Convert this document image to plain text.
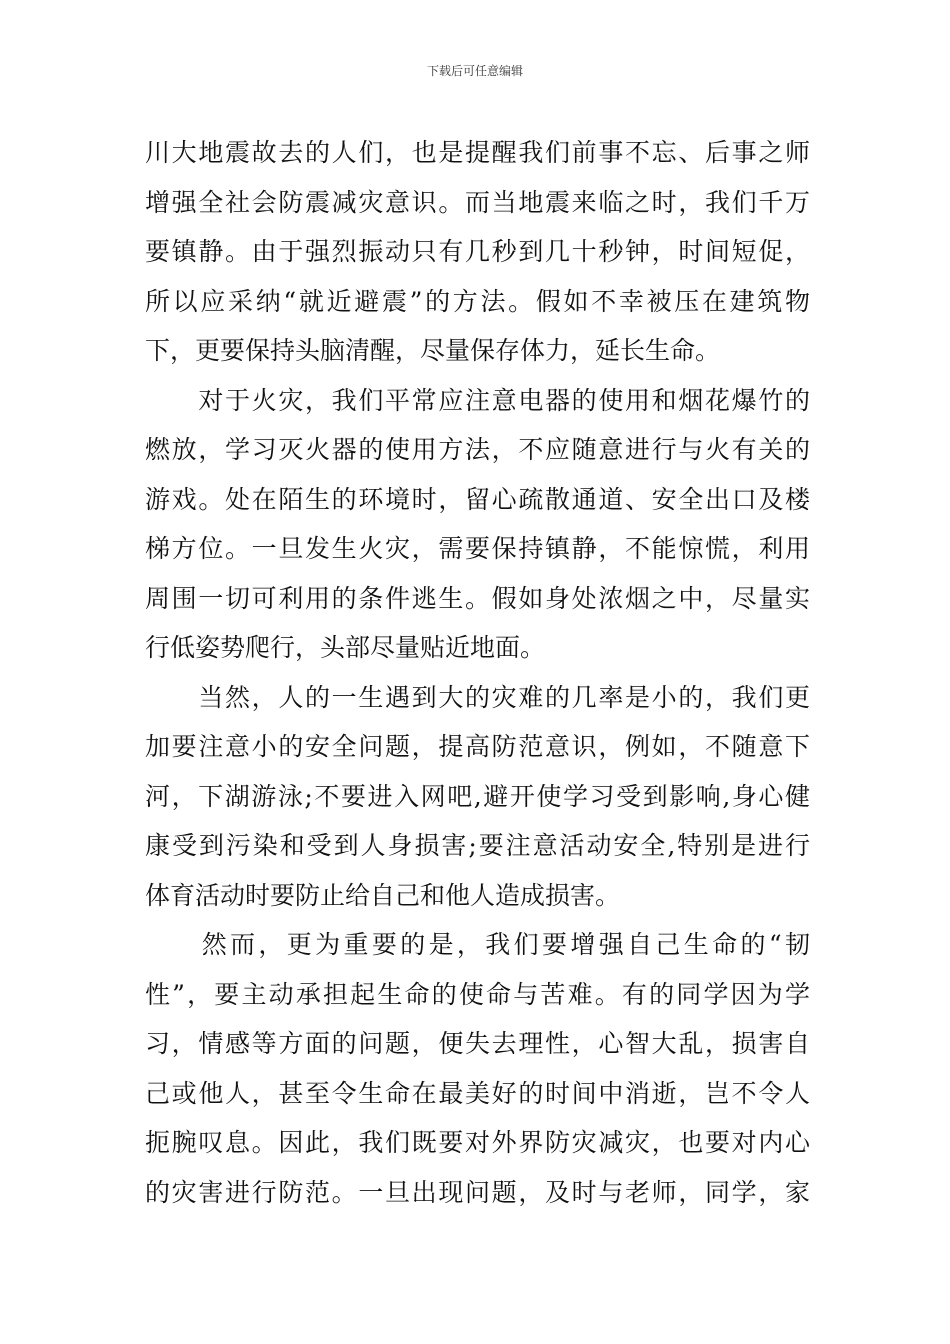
下载后可任意编辑
川大地震故去的人们，也是提醒我们前事不忘、后事之师
增强全社会防震减灾意识。而当地震来临之时，我们千万
要镇静。由于强烈振动只有几秒到几十秒钟，时间短促，
所以应采纳“就近避震”的方法。假如不幸被压在建筑物
下，更要保持头脑清醒，尽量保存体力，延长生命。
　　对于火灾，我们平常应注意电器的使用和烟花爆竹的
燃放，学习灭火器的使用方法，不应随意进行与火有关的
游戏。处在陌生的环境时，留心疏散通道、安全出口及楼
梯方位。一旦发生火灾，需要保持镇静，不能惊慌，利用
周围一切可利用的条件逃生。假如身处浓烟之中，尽量实
行低姿势爬行，头部尽量贴近地面。
　　当然，人的一生遇到大的灾难的几率是小的，我们更
加要注意小的安全问题，提高防范意识，例如，不随意下
河，下湖游泳;不要进入网吧,避开使学习受到影响,身心健
康受到污染和受到人身损害;要注意活动安全,特别是进行
体育活动时要防止给自己和他人造成损害。
　　然而，更为重要的是，我们要增强自己生命的“韧
性”，要主动承担起生命的使命与苦难。有的同学因为学
习，情感等方面的问题，便失去理性，心智大乱，损害自
己或他人，甚至令生命在最美好的时间中消逝，岂不令人
扼腕叹息。因此，我们既要对外界防灾减灾，也要对内心
的灾害进行防范。一旦出现问题，及时与老师，同学，家
